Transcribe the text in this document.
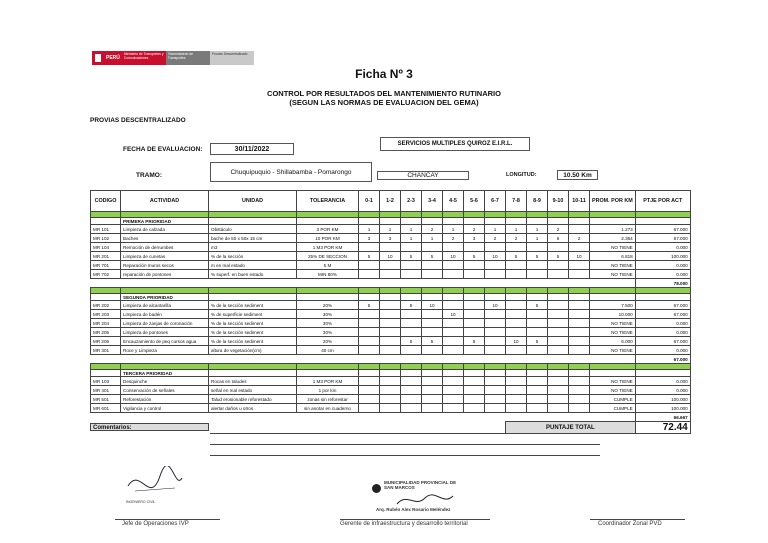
PERÚ
Ministerio de Transportes y Comunicaciones
Viceministerio de Transportes
Provias Descentralizado
Ficha Nº 3
CONTROL POR RESULTADOS DEL MANTENIMIENTO RUTINARIO
(SEGUN LAS NORMAS DE EVALUACION DEL GEMA)
PROVIAS DESCENTRALIZADO
FECHA DE EVALUACION:	30/11/2022
SERVICIOS MULTIPLES QUIROZ E.I.R.L.
TRAMO:	Chuquipuquio - Shillabamba - Pomarongo	CHANCAY	LONGITUD:	10.50 Km
CODIGO	ACTIVIDAD	UNIDAD	TOLERANCIA	0-1	1-2	2-3	3-4	4-5	5-6	6-7	7-8	8-9	9-10	10-11	PROM. POR KM	PTJE POR ACT

	PRIMERA PRIORIDAD															
MR 101	Limpieza de calzada	Obstáculo	3 POR KM	1	1	1	2	1	2	1	1	1	2		1.273	67.000
MR 102	Baches	bache de 50 x 50x 15 cm	10 POR KM	3	3	1	1	2	3	2	2	1	6	2	2.364	67.000
MR 104	Remoción de derrumbes	m3	1 M3 POR KM												NO TIENE	0.000
MR 201	Limpieza de cunetas	% de la sección	25% DE SECCION	5	10	5	5	10	5	10	5	5	5	10	6.818	100.000
MR 701	Reparación muros secos	m en mal estado	5 M												NO TIENE	0.000
MR 702	reparación de pontones	% superf. en buen estado	MIN 80%												NO TIENE	0.000
																78.000

	SEGUNDA PRIORIDAD															
MR 202	Limpieza de alcantarilla	% de la sección sediment	20%	5		5	10			10		5			7.500	67.000
MR 203	Limpieza de badén	% de superficie sediment	30%					10							10.000	67.000
MR 204	Limpieza de zanjas de coronación	% de la sección sediment	30%												NO TIENE	0.000
MR 205	Limpieza de pontones	% de la sección sediment	30%												NO TIENE	0.000
MR 206	Encauzamiento de peq cursos agua	% de la sección sediment	20%			5	5		5		10	5			6.000	67.000
MR 301	Roce y Limpieza	altura de vegetación(cm)	40 cm												NO TIENE	0.000
																67.000

	TERCERA PRIORIDAD															
MR 103	Desquinche	Rocas en taludes	1 M3 POR KM												NO TIENE	0.000
MR 401	Conservación de señales	señal en mal estado	1 por km												NO TIENE	0.000
MR 501	Reforestación	Talud erosionable reforestado	zonas sin reforestar												CUMPLE	100.000
MR 601	Vigilancia y control	alertar daños u otros	sin anotar en cuaderno												CUMPLE	100.000
																66.667
											PUNTAJE TOTAL					72.44
Comentarios:
INGENIERO CIVIL
MUNICIPALIDAD PROVINCIAL DE SAN MARCOS
Arq. Rubén Alex Rosario Meléndez
Jefe de Operaciones IVP	Gerente de infraestructura y desarrollo territorial	Coordinador Zonal PVD
